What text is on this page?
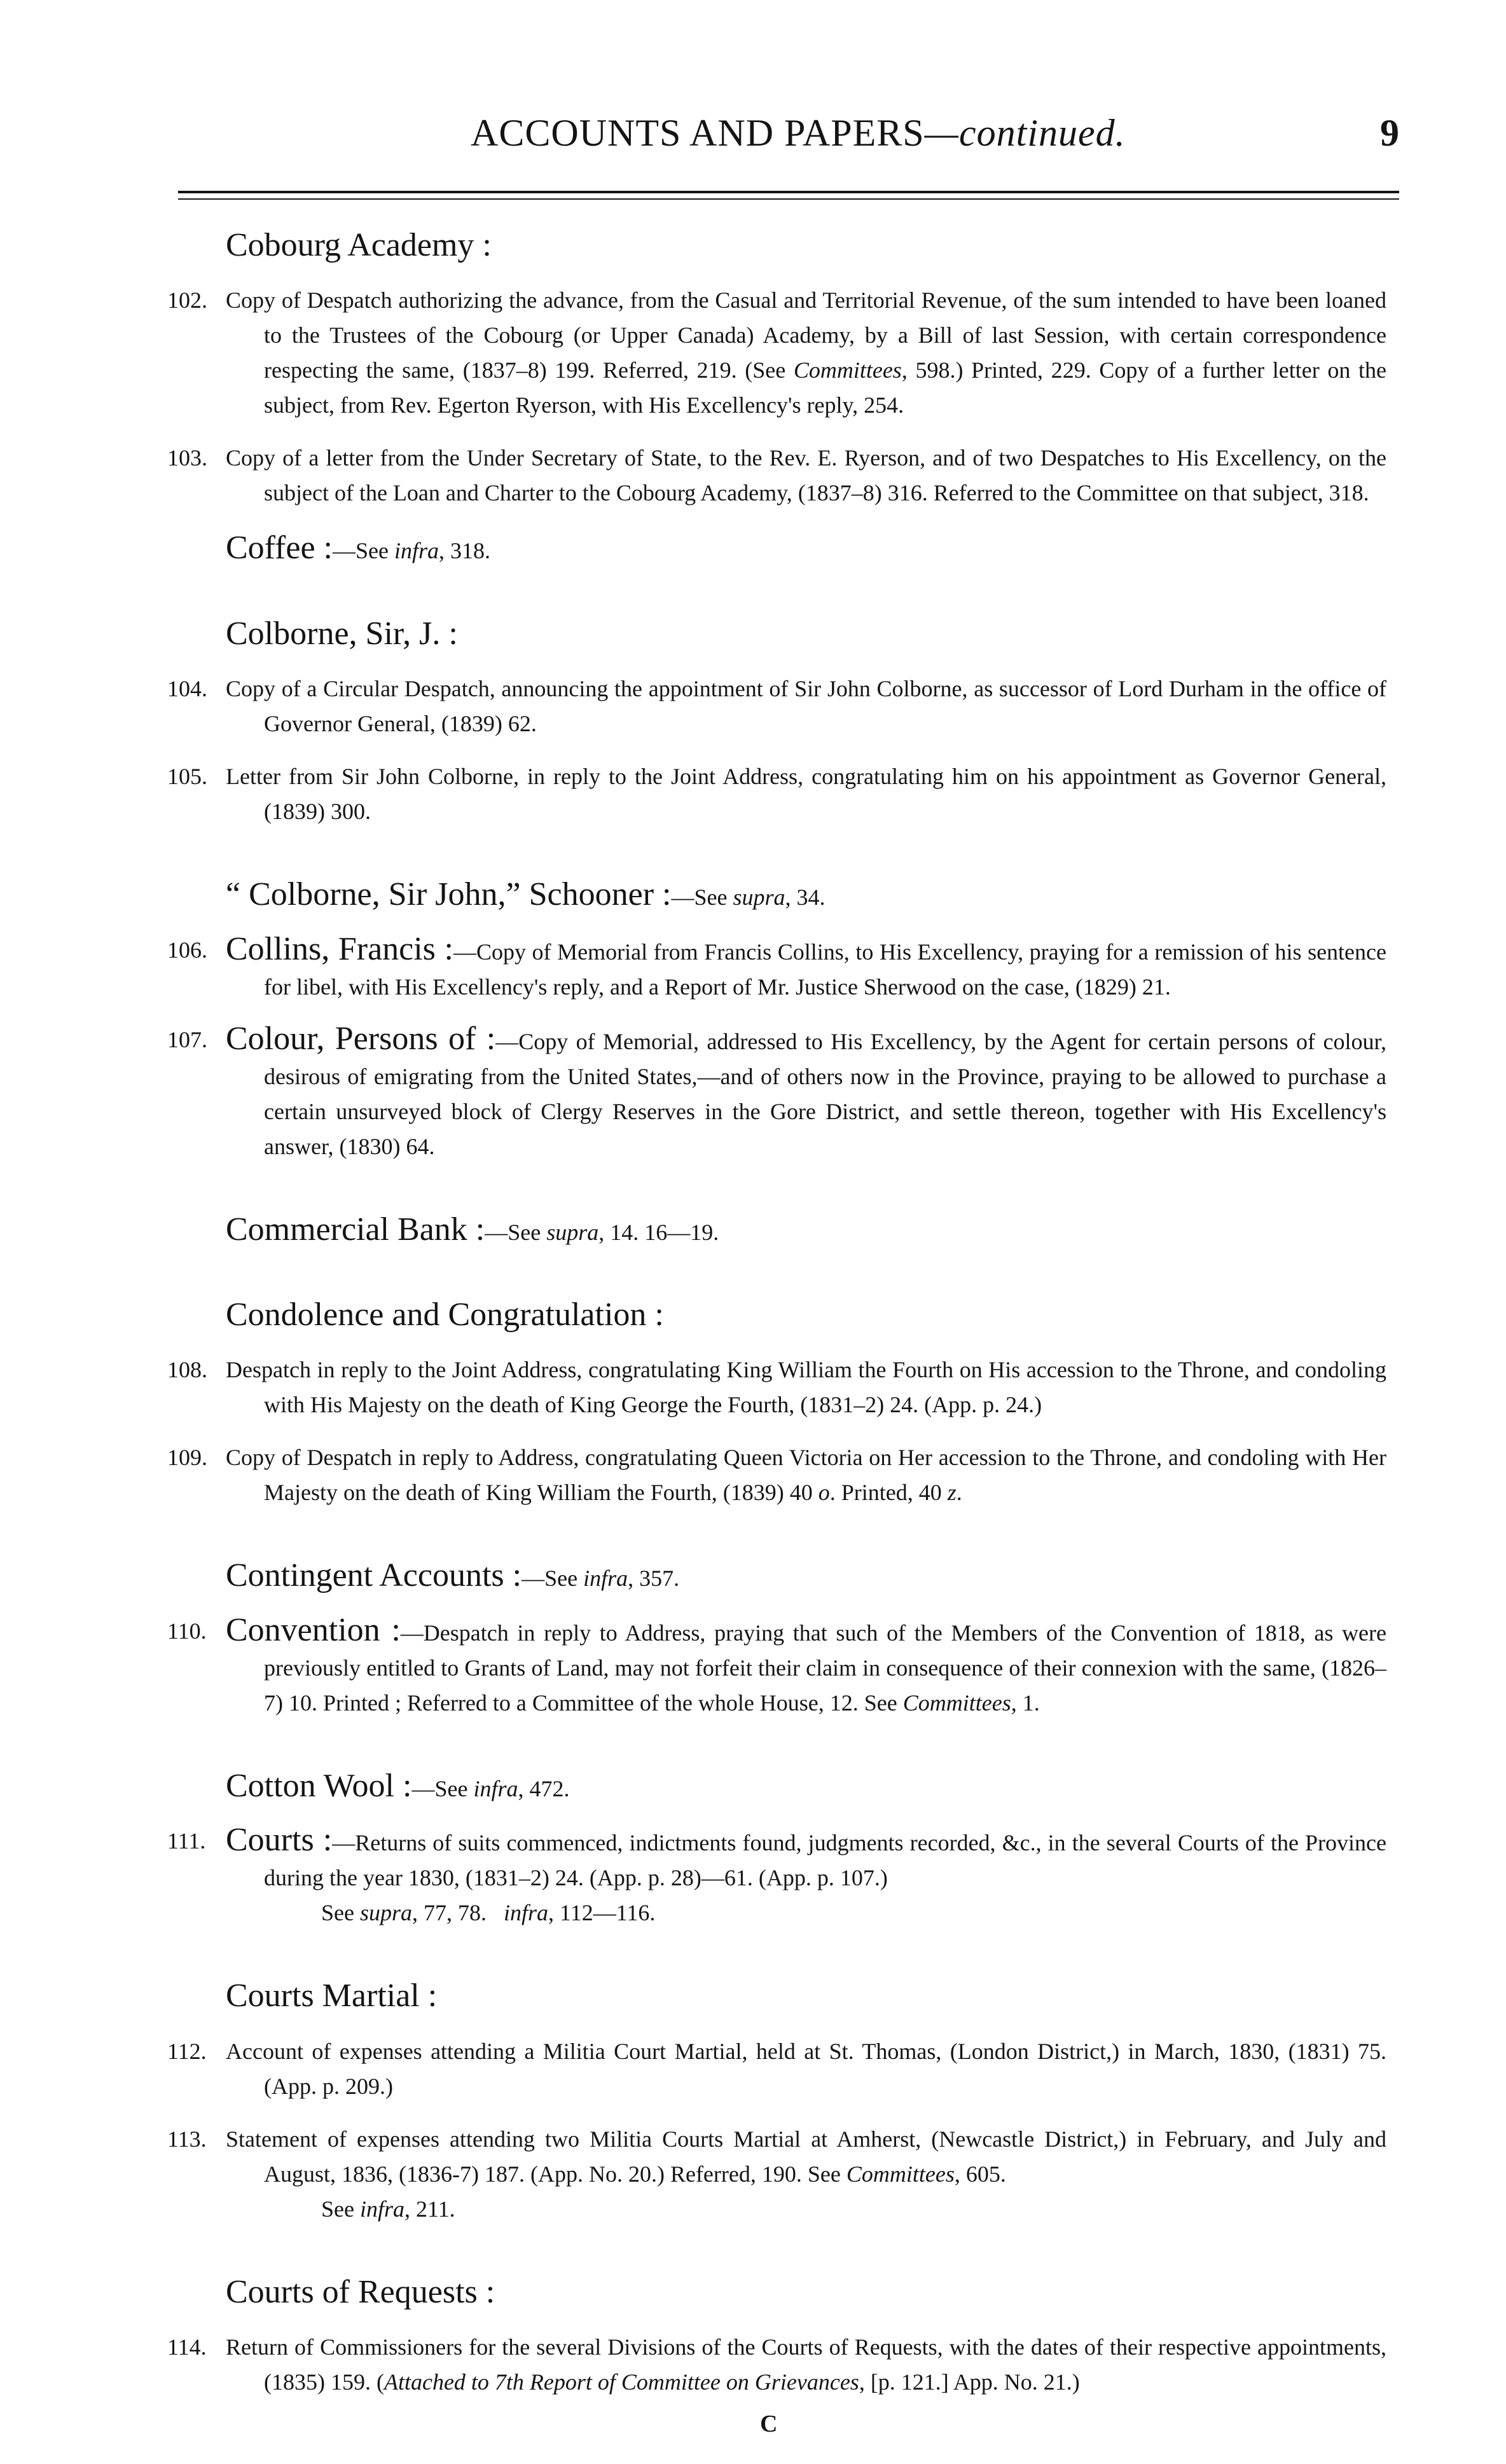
ACCOUNTS AND PAPERS—continued.	9
Cobourg Academy :
102. Copy of Despatch authorizing the advance, from the Casual and Territorial Revenue, of the sum intended to have been loaned to the Trustees of the Cobourg (or Upper Canada) Academy, by a Bill of last Session, with certain correspondence respecting the same, (1837–8) 199. Referred, 219. (See Committees, 598.) Printed, 229. Copy of a further letter on the subject, from Rev. Egerton Ryerson, with His Excellency's reply, 254.
103. Copy of a letter from the Under Secretary of State, to the Rev. E. Ryerson, and of two Despatches to His Excellency, on the subject of the Loan and Charter to the Cobourg Academy, (1837–8) 316. Referred to the Committee on that subject, 318.
Coffee :—See infra, 318.
Colborne, Sir, J. :
104. Copy of a Circular Despatch, announcing the appointment of Sir John Colborne, as successor of Lord Durham in the office of Governor General, (1839) 62.
105. Letter from Sir John Colborne, in reply to the Joint Address, congratulating him on his appointment as Governor General, (1839) 300.
“ Colborne, Sir John,” Schooner :—See supra, 34.
106. Collins, Francis :—Copy of Memorial from Francis Collins, to His Excellency, praying for a remission of his sentence for libel, with His Excellency's reply, and a Report of Mr. Justice Sherwood on the case, (1829) 21.
107. Colour, Persons of :—Copy of Memorial, addressed to His Excellency, by the Agent for certain persons of colour, desirous of emigrating from the United States,—and of others now in the Province, praying to be allowed to purchase a certain unsurveyed block of Clergy Reserves in the Gore District, and settle thereon, together with His Excellency's answer, (1830) 64.
Commercial Bank :—See supra, 14. 16—19.
Condolence and Congratulation :
108. Despatch in reply to the Joint Address, congratulating King William the Fourth on His accession to the Throne, and condoling with His Majesty on the death of King George the Fourth, (1831–2) 24. (App. p. 24.)
109. Copy of Despatch in reply to Address, congratulating Queen Victoria on Her accession to the Throne, and condoling with Her Majesty on the death of King William the Fourth, (1839) 40 o. Printed, 40 z.
Contingent Accounts :—See infra, 357.
110. Convention :—Despatch in reply to Address, praying that such of the Members of the Convention of 1818, as were previously entitled to Grants of Land, may not forfeit their claim in consequence of their connexion with the same, (1826–7) 10. Printed ; Referred to a Committee of the whole House, 12. See Committees, 1.
Cotton Wool :—See infra, 472.
111. Courts :—Returns of suits commenced, indictments found, judgments recorded, &c., in the several Courts of the Province during the year 1830, (1831–2) 24. (App. p. 28)—61. (App. p. 107.)
See supra, 77, 78. infra, 112—116.
Courts Martial :
112. Account of expenses attending a Militia Court Martial, held at St. Thomas, (London District,) in March, 1830, (1831) 75. (App. p. 209.)
113. Statement of expenses attending two Militia Courts Martial at Amherst, (Newcastle District,) in February, and July and August, 1836, (1836-7) 187. (App. No. 20.) Referred, 190. See Committees, 605.
See infra, 211.
Courts of Requests :
114. Return of Commissioners for the several Divisions of the Courts of Requests, with the dates of their respective appointments, (1835) 159. (Attached to 7th Report of Committee on Grievances, [p. 121.] App. No. 21.)
C
